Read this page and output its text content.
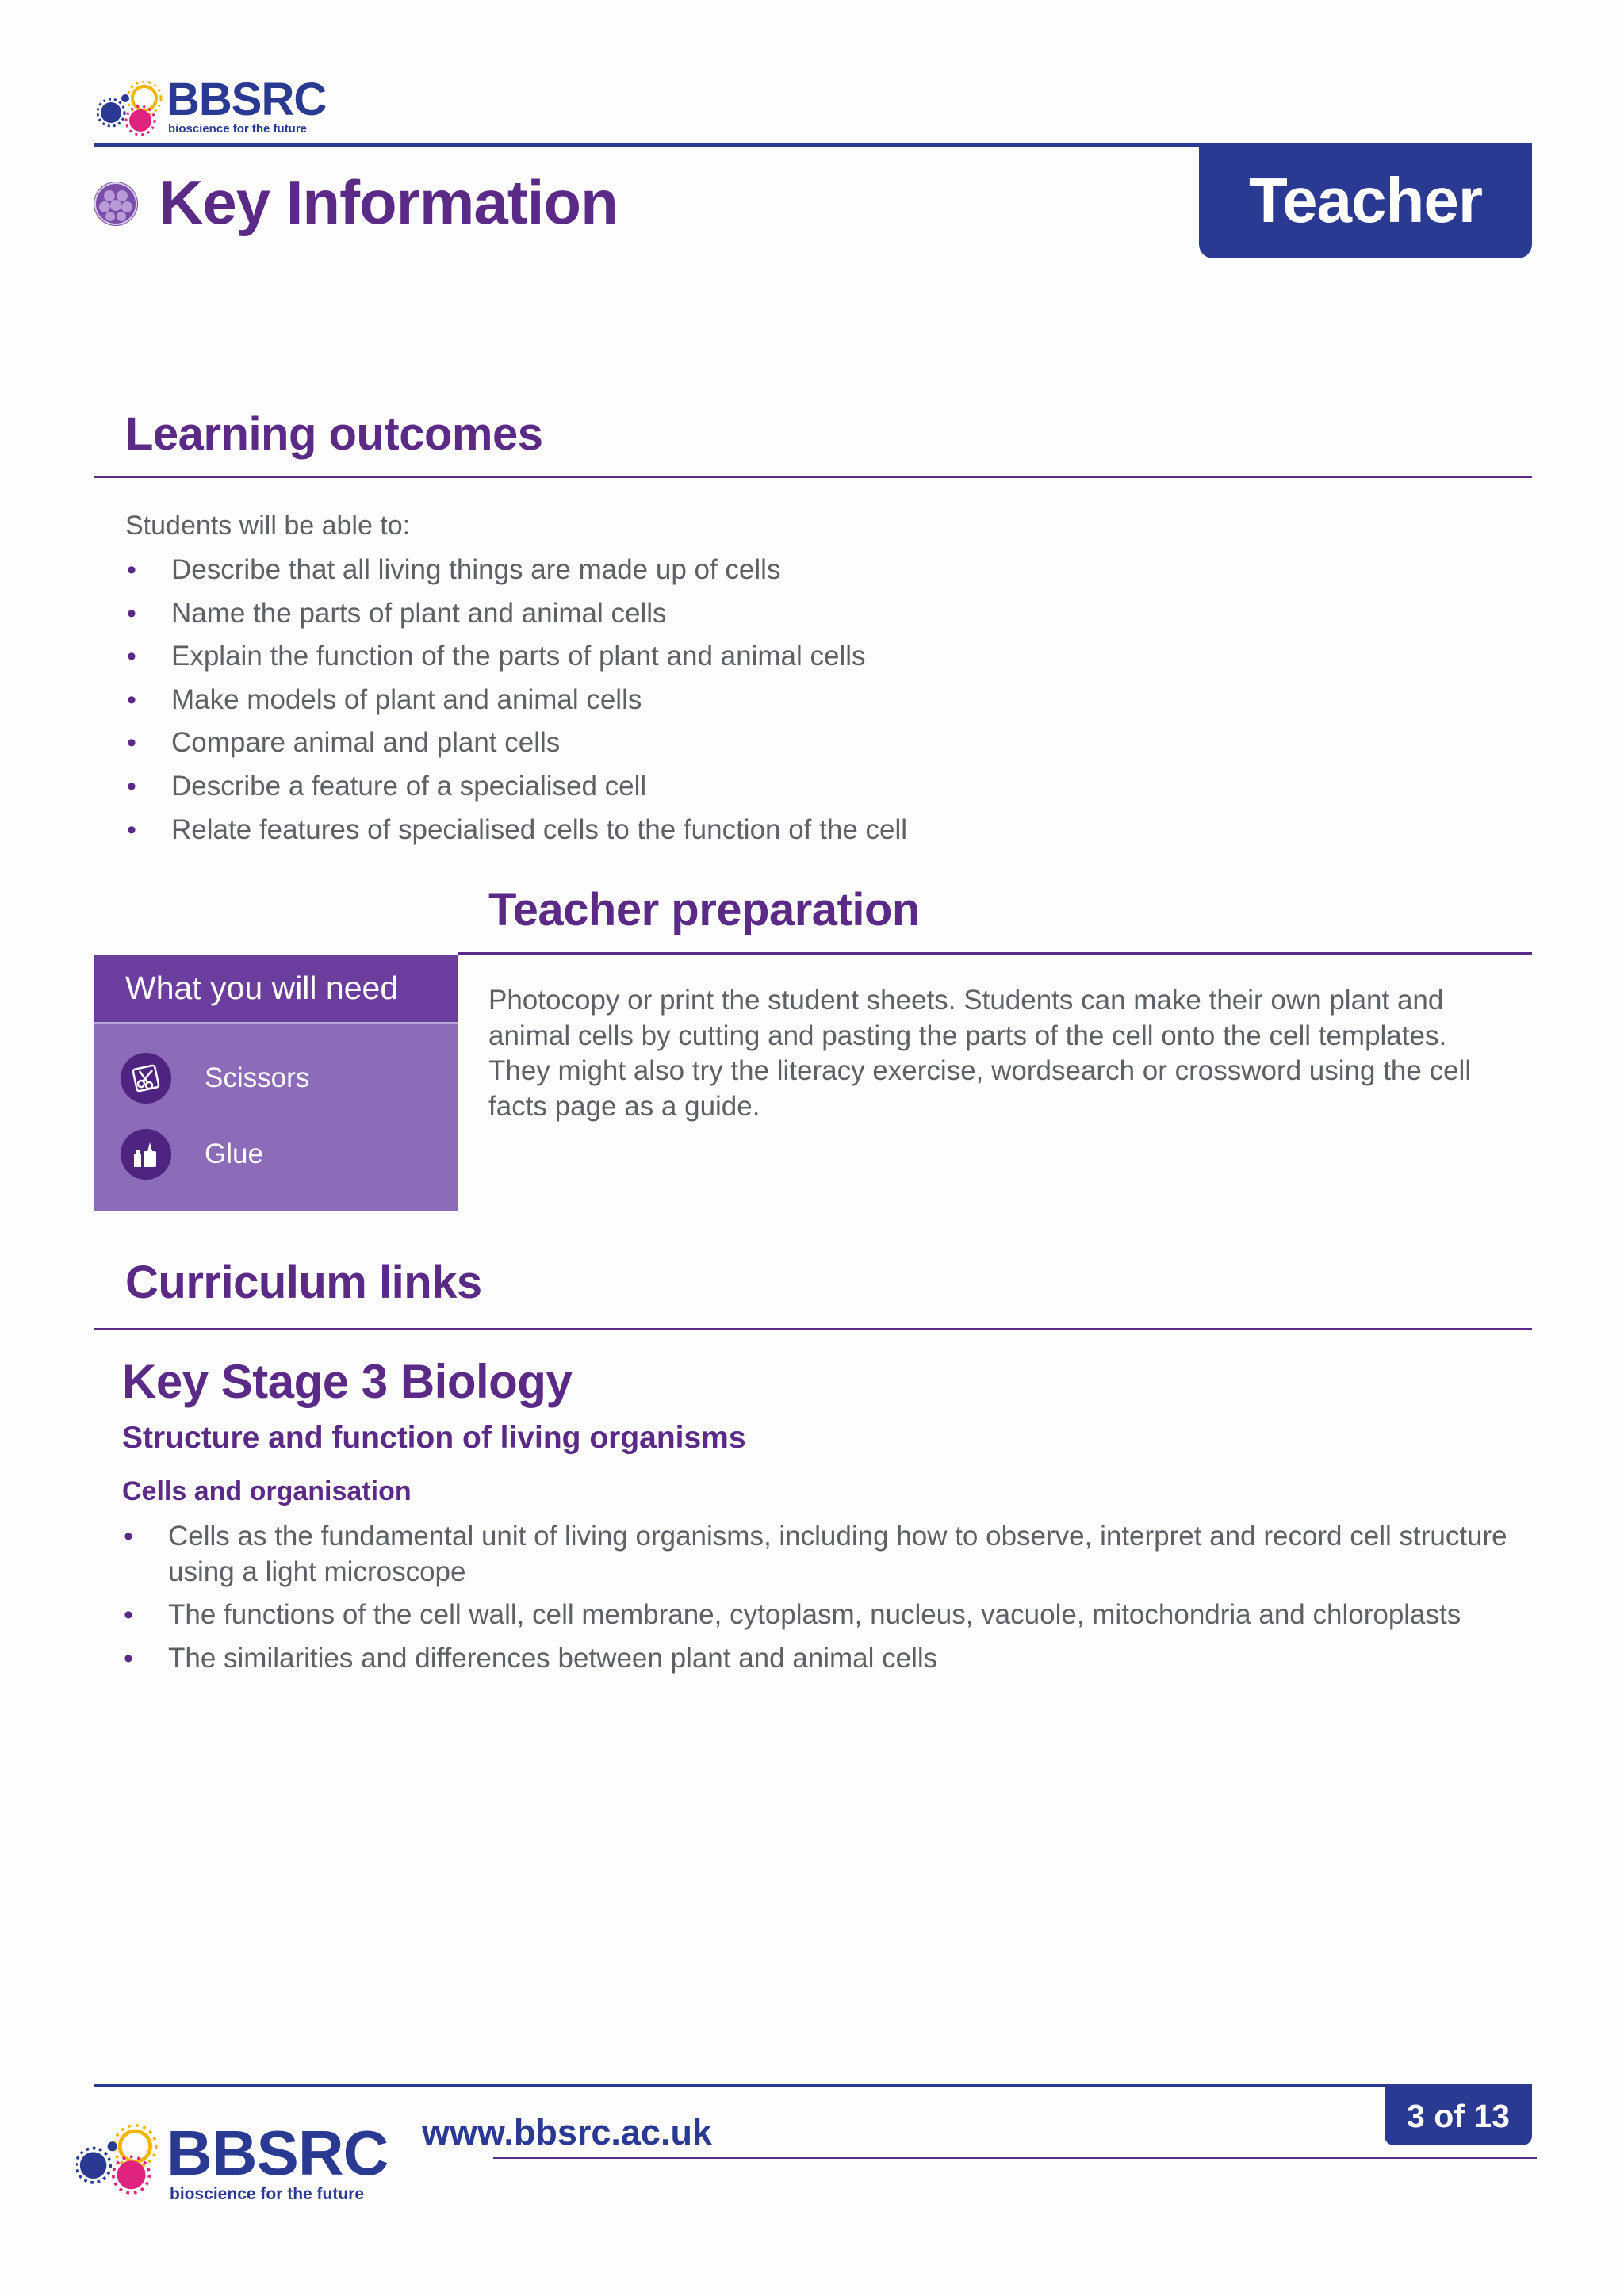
BBSRC
bioscience for the future
Teacher
Key Information
Learning outcomes
Students will be able to:
• Describe that all living things are made up of cells
• Name the parts of plant and animal cells
• Explain the function of the parts of plant and animal cells
• Make models of plant and animal cells
• Compare animal and plant cells
• Describe a feature of a specialised cell
• Relate features of specialised cells to the function of the cell
Teacher preparation
What you will need
Scissors
Glue
Photocopy or print the student sheets. Students can make their own plant and animal cells by cutting and pasting the parts of the cell onto the cell templates. They might also try the literacy exercise, wordsearch or crossword using the cell facts page as a guide.
Curriculum links
Key Stage 3 Biology
Structure and function of living organisms
Cells and organisation
• Cells as the fundamental unit of living organisms, including how to observe, interpret and record cell structure using a light microscope
• The functions of the cell wall, cell membrane, cytoplasm, nucleus, vacuole, mitochondria and chloroplasts
• The similarities and differences between plant and animal cells
3 of 13
www.bbsrc.ac.uk
BBSRC
bioscience for the future
